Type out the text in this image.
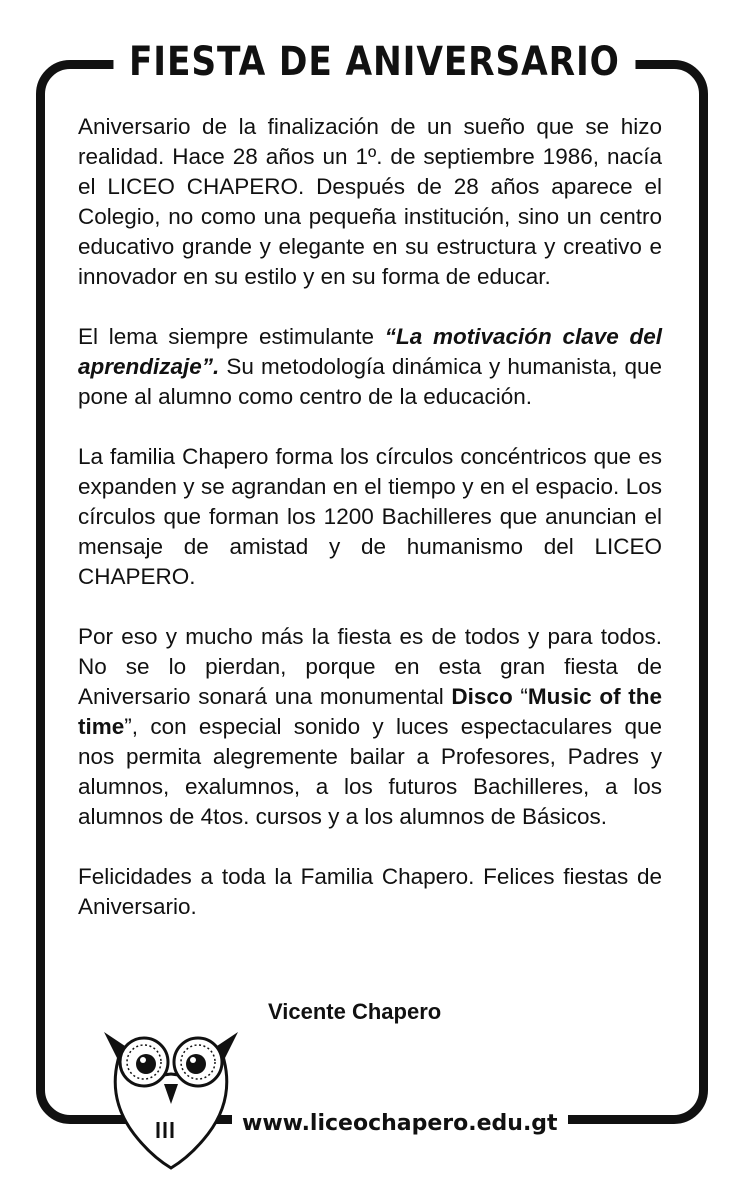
FIESTA DE ANIVERSARIO

Aniversario de la finalización de un sueño que se hizo realidad. Hace 28 años un 1º. de septiembre 1986, nacía el LICEO CHAPERO. Después de 28 años aparece el Colegio, no como una pequeña institución, sino un centro educativo grande y elegante en su estructura y creativo e innovador en su estilo y en su forma de educar.

El lema siempre estimulante “La motivación clave del aprendizaje”. Su metodología dinámica y humanista, que pone al alumno como centro de la educación.

La familia Chapero forma los círculos concéntricos que es expanden y se agrandan en el tiempo y en el espacio. Los círculos que forman los 1200 Bachilleres que anuncian el mensaje de amistad y de humanismo del LICEO CHAPERO.

Por eso y mucho más la fiesta es de todos y para todos. No se lo pierdan, porque en esta gran fiesta de Aniversario sonará una monumental Disco “Music of the time”, con especial sonido y luces espectaculares que nos permita alegremente bailar a Profesores, Padres y alumnos, exalumnos, a los futuros Bachilleres, a los alumnos de 4tos. cursos y a los alumnos de Básicos.

Felicidades a toda la Familia Chapero. Felices fiestas de Aniversario.

Vicente Chapero
www.liceochapero.edu.gt
